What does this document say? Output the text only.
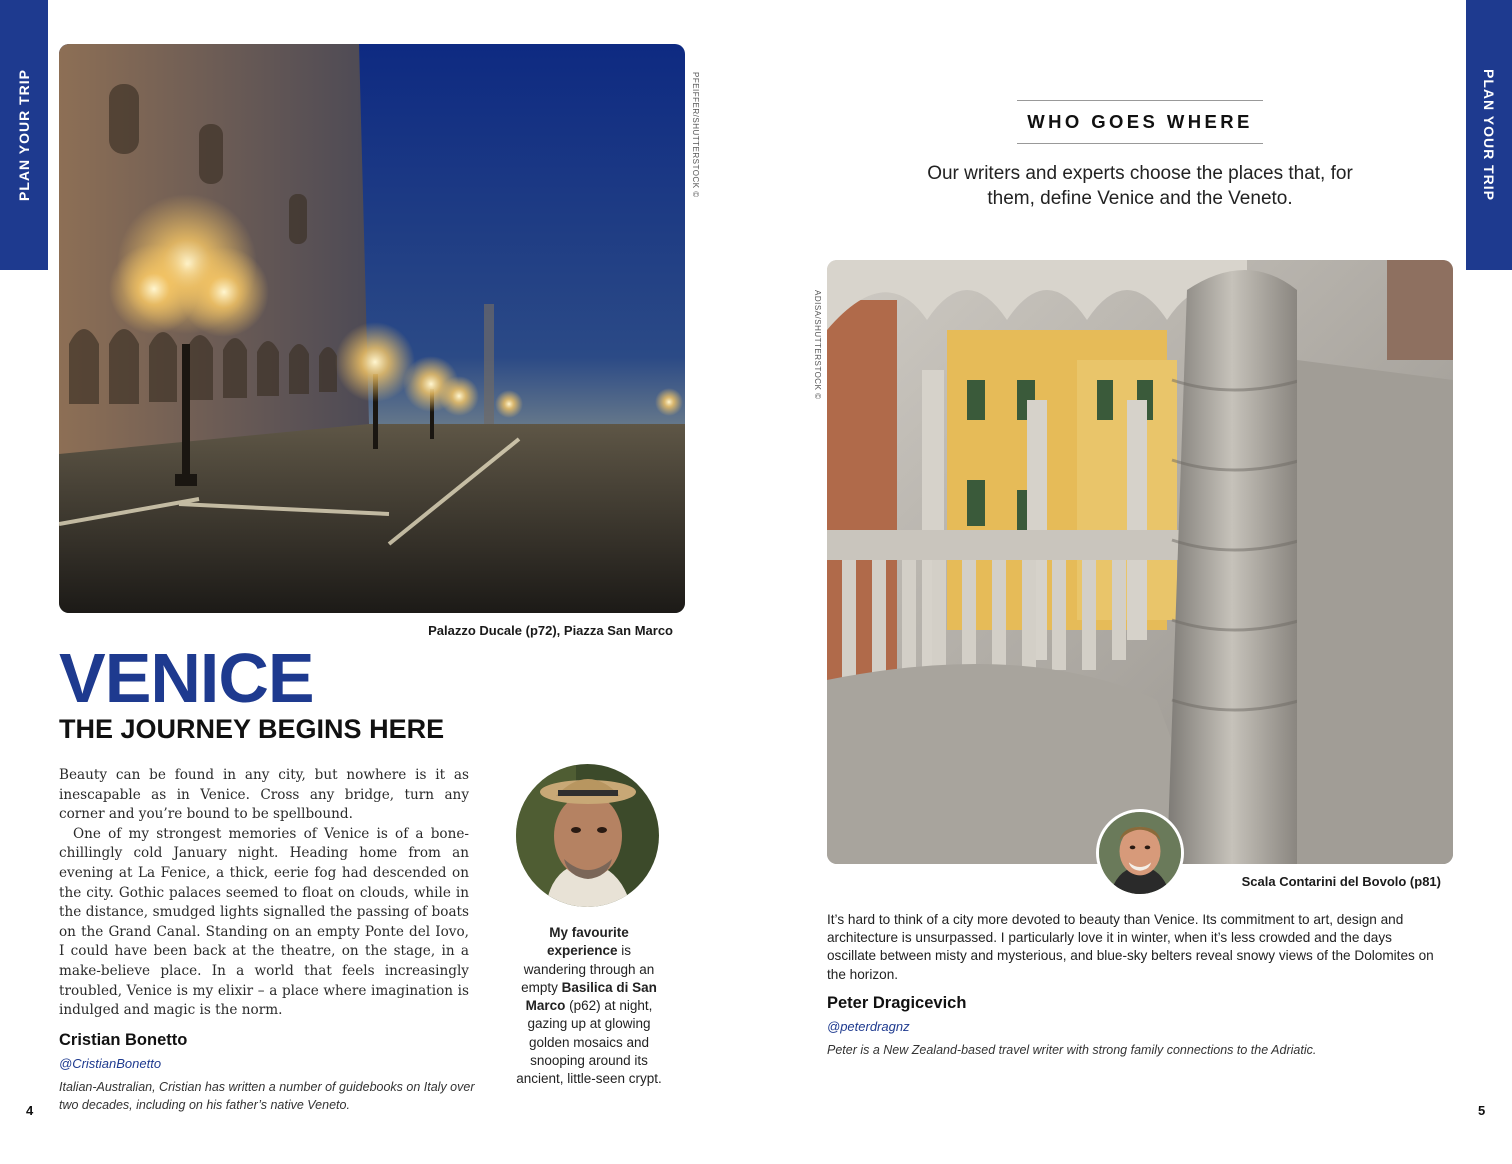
PLAN YOUR TRIP	PLAN YOUR TRIP
PFEIFFER/SHUTTERSTOCK ©
Palazzo Ducale (p72), Piazza San Marco
VENICE
THE JOURNEY BEGINS HERE

Beauty can be found in any city, but nowhere is it as inescapable as in Venice. Cross any bridge, turn any corner and you’re bound to be spellbound.

One of my strongest memories of Venice is of a bone-chillingly cold January night. Heading home from an evening at La Fenice, a thick, eerie fog had descended on the city. Gothic palaces seemed to float on clouds, while in the distance, smudged lights signalled the passing of boats on the Grand Canal. Standing on an empty Ponte del Iovo, I could have been back at the theatre, on the stage, in a make-believe place. In a world that feels increasingly troubled, Venice is my elixir – a place where imagination is indulged and magic is the norm.

Cristian Bonetto
@CristianBonetto
Italian-Australian, Cristian has written a number of guidebooks on Italy over two decades, including on his father’s native Veneto.
My favourite experience is wandering through an empty Basilica di San Marco (p62) at night, gazing up at glowing golden mosaics and snooping around its ancient, little-seen crypt.
4
WHO GOES WHERE
Our writers and experts choose the places that, for them, define Venice and the Veneto.
ADISA/SHUTTERSTOCK ©
Scala Contarini del Bovolo (p81)
It’s hard to think of a city more devoted to beauty than Venice. Its commitment to art, design and architecture is unsurpassed. I particularly love it in winter, when it’s less crowded and the days oscillate between misty and mysterious, and blue-sky belters reveal snowy views of the Dolomites on the horizon.
Peter Dragicevich
@peterdragnz
Peter is a New Zealand-based travel writer with strong family connections to the Adriatic.
5
